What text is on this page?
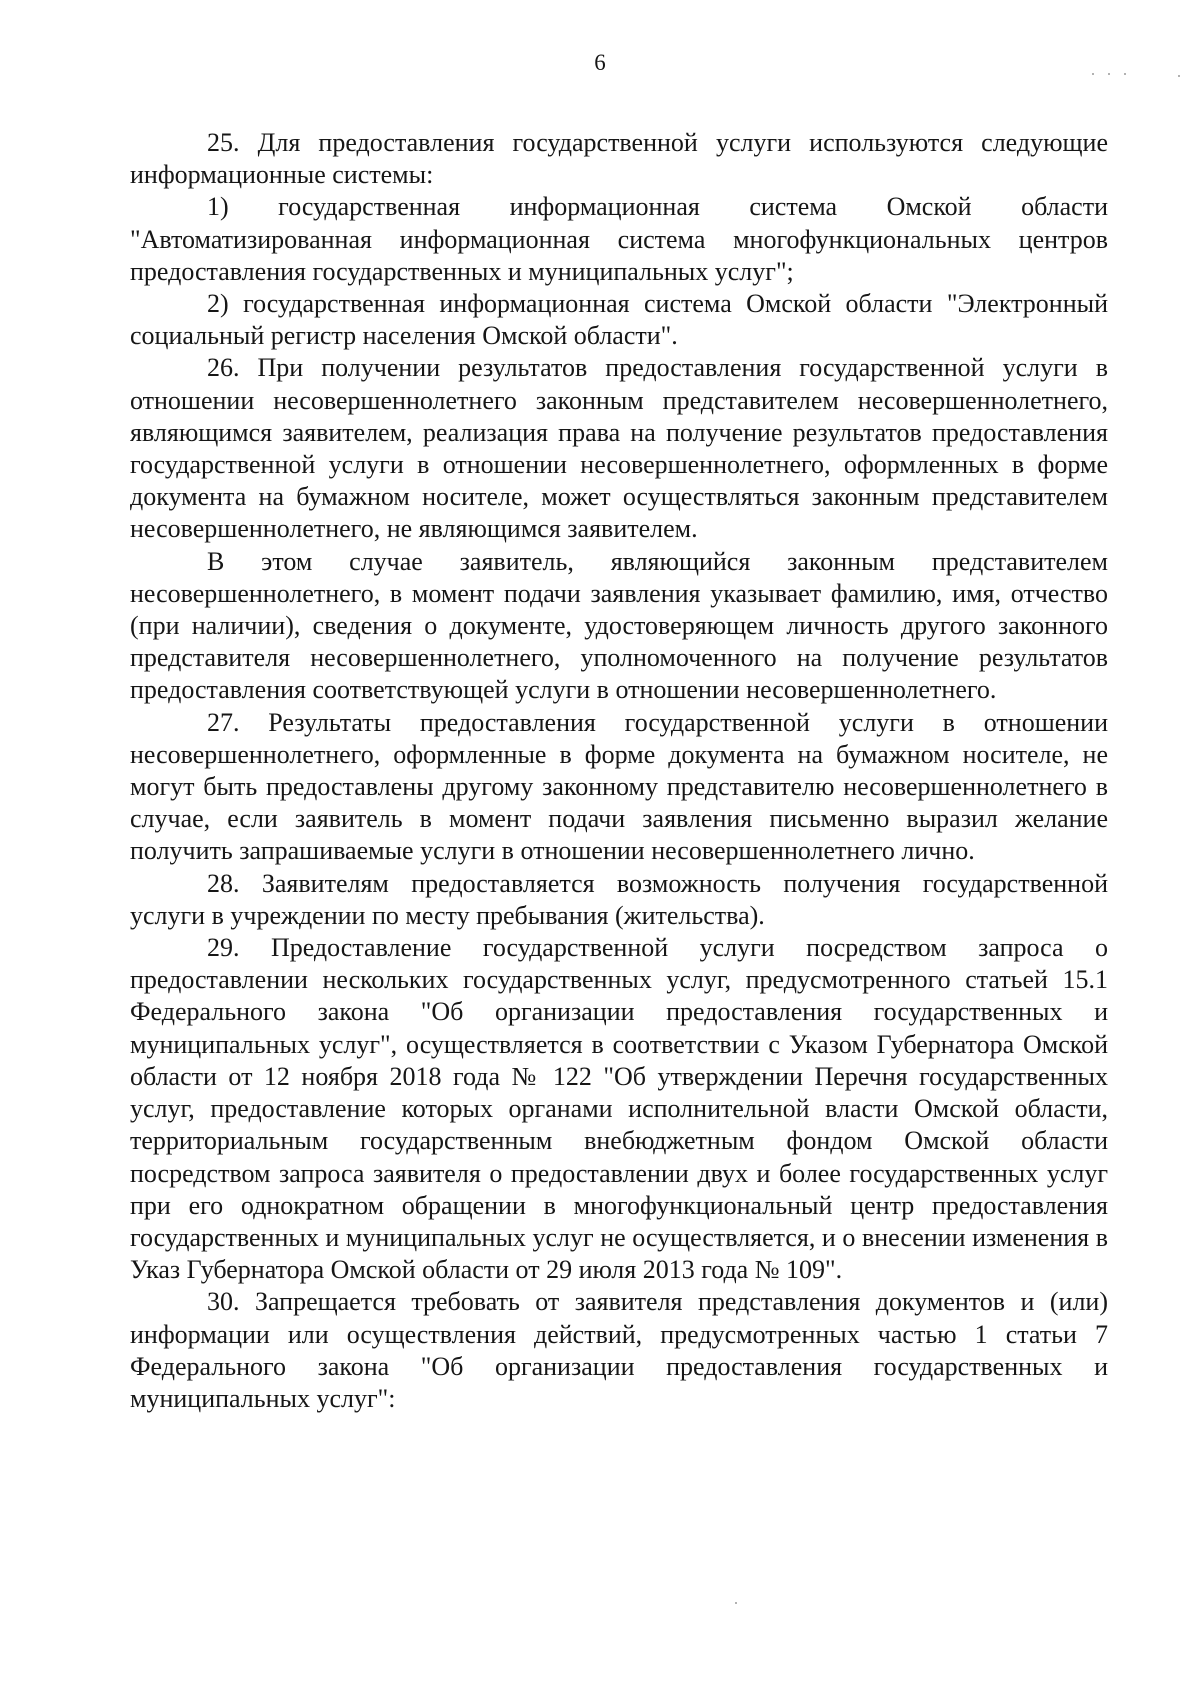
6

25. Для предоставления государственной услуги используются следующие информационные системы:

1) государственная информационная система Омской области "Автоматизированная информационная система многофункциональных центров предоставления государственных и муниципальных услуг";

2) государственная информационная система Омской области "Электронный социальный регистр населения Омской области".

26. При получении результатов предоставления государственной услуги в отношении несовершеннолетнего законным представителем несовершеннолетнего, являющимся заявителем, реализация права на получение результатов предоставления государственной услуги в отношении несовершеннолетнего, оформленных в форме документа на бумажном носителе, может осуществляться законным представителем несовершеннолетнего, не являющимся заявителем.

В этом случае заявитель, являющийся законным представителем несовершеннолетнего, в момент подачи заявления указывает фамилию, имя, отчество (при наличии), сведения о документе, удостоверяющем личность другого законного представителя несовершеннолетнего, уполномоченного на получение результатов предоставления соответствующей услуги в отношении несовершеннолетнего.

27. Результаты предоставления государственной услуги в отношении несовершеннолетнего, оформленные в форме документа на бумажном носителе, не могут быть предоставлены другому законному представителю несовершеннолетнего в случае, если заявитель в момент подачи заявления письменно выразил желание получить запрашиваемые услуги в отношении несовершеннолетнего лично.

28. Заявителям предоставляется возможность получения государственной услуги в учреждении по месту пребывания (жительства).

29. Предоставление государственной услуги посредством запроса о предоставлении нескольких государственных услуг, предусмотренного статьей 15.1 Федерального закона "Об организации предоставления государственных и муниципальных услуг", осуществляется в соответствии с Указом Губернатора Омской области от 12 ноября 2018 года № 122 "Об утверждении Перечня государственных услуг, предоставление которых органами исполнительной власти Омской области, территориальным государственным внебюджетным фондом Омской области посредством запроса заявителя о предоставлении двух и более государственных услуг при его однократном обращении в многофункциональный центр предоставления государственных и муниципальных услуг не осуществляется, и о внесении изменения в Указ Губернатора Омской области от 29 июля 2013 года № 109".

30. Запрещается требовать от заявителя представления документов и (или) информации или осуществления действий, предусмотренных частью 1 статьи 7 Федерального закона "Об организации предоставления государственных и муниципальных услуг":
